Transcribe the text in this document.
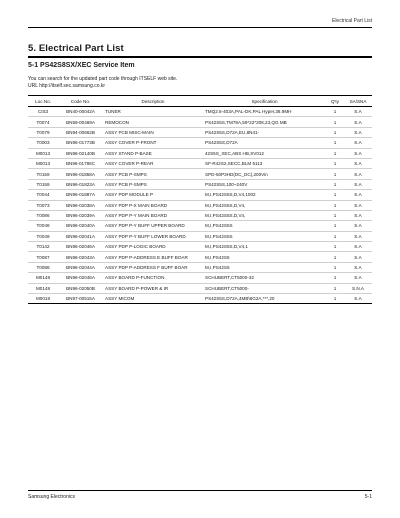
Electrical Part List
5. Electrical Part List
5-1 PS42S8SX/XEC Service Item
You can search for the updated part code through ITSELF web site.
URL http://itself.sec.samsung.co.kr
Loc.No.	Code No.	Description	Specification	Q'ty	SA/SNA
CIS3	BN40-00042A	TUNER	TMQ2.6-403A,PAL-DK,PAL Hyper,38.9MH	1	S.A
T0074	BN59-00469A	REMOCON	PS42S5S,TM78A,59*22*208,23,QG MB	1	S.A
T0079	BN94-00662B	ASSY PCB MISC-MAIN	PS42S5S,D72A,EU,8N41-	1	S.A
T0003	BN96-01773B	ASSY COVER P-FRONT	PS42S5S,D72A	1	S.A
M0013	BN96-02140B	ASSY STAND P-BASE	42S5S_XEC,ABS HB,SV012	1	S.A
M0013	BN96-01786C	ASSY COVER P-REAR	SF-R42S2,SECC,BLM 5113	1	S.A
T0159	BN96-01858A	ASSY PCB P-SMPS	SPD-50P3HD(DC_DC),200Vin	1	S.A
T0159	BN96-01823A	ASSY PCB P-SMPS	PS42S5S,100~240V	1	S.A
T0044	BN96-01887A	ASSY PDP MODULE P	M,I,PS42S5S,D,V4,1002	1	S.A
T0073	BN96-02038A	ASSY PDP P-X MAIN BOARD	M,I,PS42S5S,D,V4,	1	S.A
T0086	BN96-02039A	ASSY PDP P-Y MAIN BOARD	M,I,PS42S5S,D,V4,	1	S.A
T0048	BN96-02040A	ASSY PDP P-Y BUFF UPPER BOARD	M,I,PS42S5S	1	S.A
T0049	BN96-02041A	ASSY PDP P-Y BUFF LOWER BOARD	M,I,PS42S5S	1	S.A
T0142	BN96-02046A	ASSY PDP P-LOGIC BOARD	M,I,PS42S5S,D,V4,1	1	S.A
T0087	BN96-02043A	ASSY PDP P-ADDRESS E BUFF BOAR	M,I,PS42S5	1	S.A
T0088	BN96-02044A	ASSY PDP P-ADDRESS F BUFF BOAR	M,I,PS42S5	1	S.A
M0148	BN96-02046A	ASSY BOARD P-FUNCTION	SCHUBERT,CT5000-32	1	S.A
M0148	BN96-02050B	ASSY BOARD P-POWER & IR	SCHUBERT,CT5000-	1	S.N.A
M0018	BN97-00515A	ASSY MICOM	PS42S5S,D72A,4MB\8G2A,***,20	1	S.A
Samsung Electronics	5-1
